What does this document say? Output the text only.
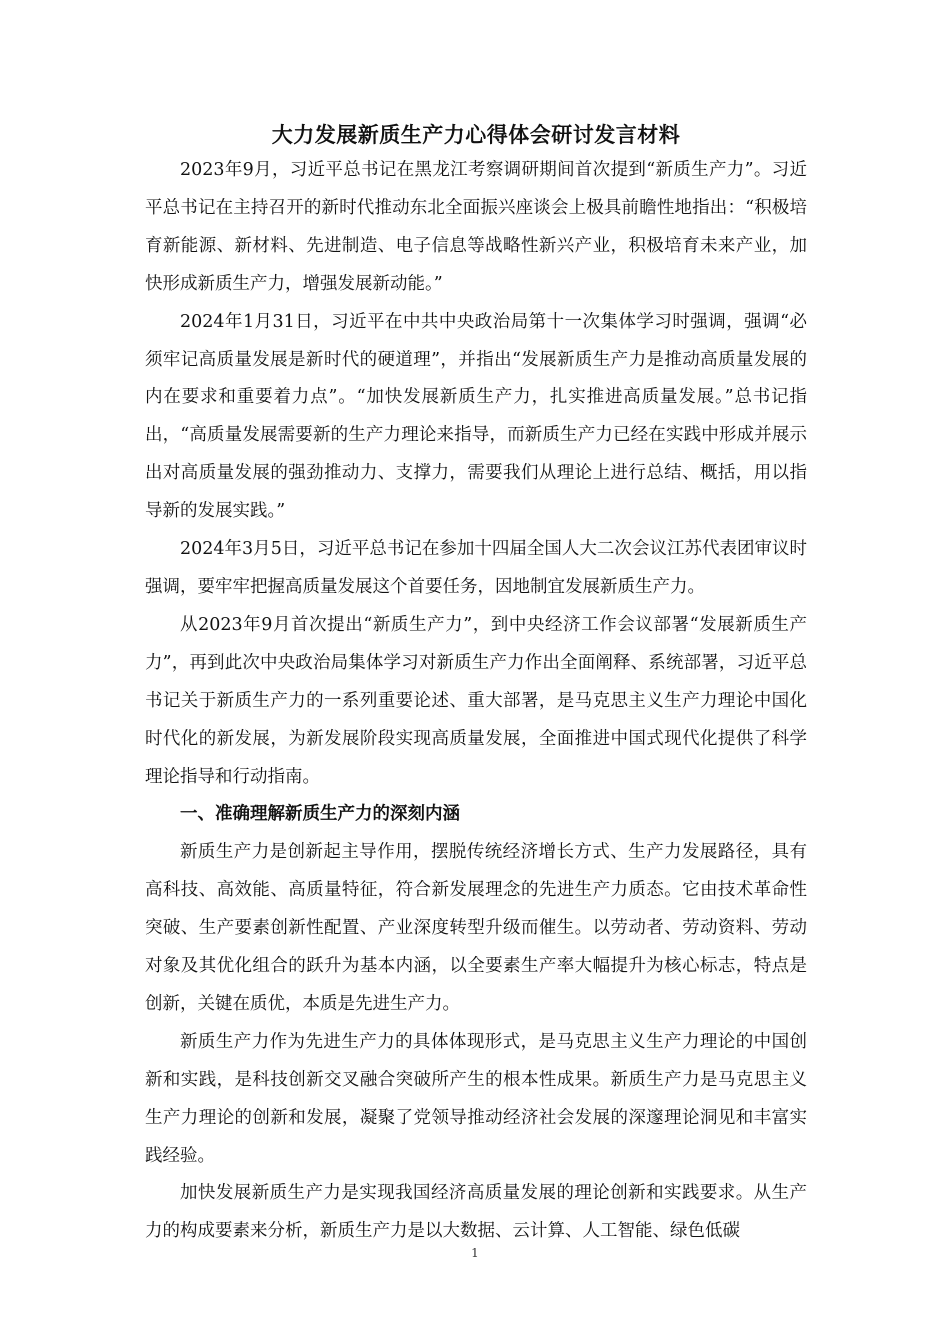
大力发展新质生产力心得体会研讨发言材料

2023年9月，习近平总书记在黑龙江考察调研期间首次提到“新质生产力”。习近平总书记在主持召开的新时代推动东北全面振兴座谈会上极具前瞻性地指出：“积极培育新能源、新材料、先进制造、电子信息等战略性新兴产业，积极培育未来产业，加快形成新质生产力，增强发展新动能。”

2024年1月31日，习近平在中共中央政治局第十一次集体学习时强调，强调“必须牢记高质量发展是新时代的硬道理”，并指出“发展新质生产力是推动高质量发展的内在要求和重要着力点”。“加快发展新质生产力，扎实推进高质量发展。”总书记指出，“高质量发展需要新的生产力理论来指导，而新质生产力已经在实践中形成并展示出对高质量发展的强劲推动力、支撑力，需要我们从理论上进行总结、概括，用以指导新的发展实践。”

2024年3月5日，习近平总书记在参加十四届全国人大二次会议江苏代表团审议时强调，要牢牢把握高质量发展这个首要任务，因地制宜发展新质生产力。

从2023年9月首次提出“新质生产力”，到中央经济工作会议部署“发展新质生产力”，再到此次中央政治局集体学习对新质生产力作出全面阐释、系统部署，习近平总书记关于新质生产力的一系列重要论述、重大部署，是马克思主义生产力理论中国化时代化的新发展，为新发展阶段实现高质量发展，全面推进中国式现代化提供了科学理论指导和行动指南。

一、准确理解新质生产力的深刻内涵

新质生产力是创新起主导作用，摆脱传统经济增长方式、生产力发展路径，具有高科技、高效能、高质量特征，符合新发展理念的先进生产力质态。它由技术革命性突破、生产要素创新性配置、产业深度转型升级而催生。以劳动者、劳动资料、劳动对象及其优化组合的跃升为基本内涵，以全要素生产率大幅提升为核心标志，特点是创新，关键在质优，本质是先进生产力。

新质生产力作为先进生产力的具体体现形式，是马克思主义生产力理论的中国创新和实践，是科技创新交叉融合突破所产生的根本性成果。新质生产力是马克思主义生产力理论的创新和发展，凝聚了党领导推动经济社会发展的深邃理论洞见和丰富实践经验。

加快发展新质生产力是实现我国经济高质量发展的理论创新和实践要求。从生产力的构成要素来分析，新质生产力是以大数据、云计算、人工智能、绿色低碳

1
